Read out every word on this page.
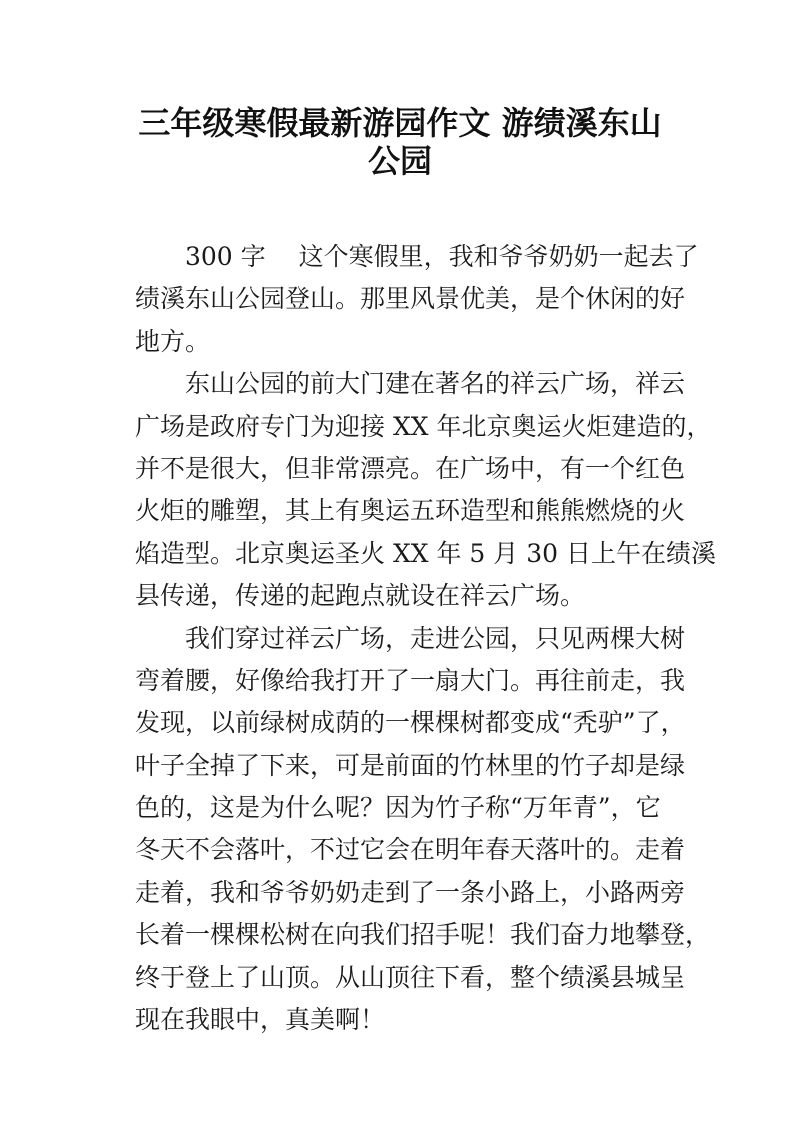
三年级寒假最新游园作文 游绩溪东山
公园
300 字　 这个寒假里，我和爷爷奶奶一起去了
绩溪东山公园登山。那里风景优美，是个休闲的好
地方。
东山公园的前大门建在著名的祥云广场，祥云
广场是政府专门为迎接 XX 年北京奥运火炬建造的，
并不是很大，但非常漂亮。在广场中，有一个红色
火炬的雕塑，其上有奥运五环造型和熊熊燃烧的火
焰造型。北京奥运圣火 XX 年 5 月 30 日上午在绩溪
县传递，传递的起跑点就设在祥云广场。
我们穿过祥云广场，走进公园，只见两棵大树
弯着腰，好像给我打开了一扇大门。再往前走，我
发现，以前绿树成荫的一棵棵树都变成“秃驴”了，
叶子全掉了下来，可是前面的竹林里的竹子却是绿
色的，这是为什么呢？因为竹子称“万年青”，它
冬天不会落叶，不过它会在明年春天落叶的。走着
走着，我和爷爷奶奶走到了一条小路上，小路两旁
长着一棵棵松树在向我们招手呢！我们奋力地攀登，
终于登上了山顶。从山顶往下看，整个绩溪县城呈
现在我眼中，真美啊！
